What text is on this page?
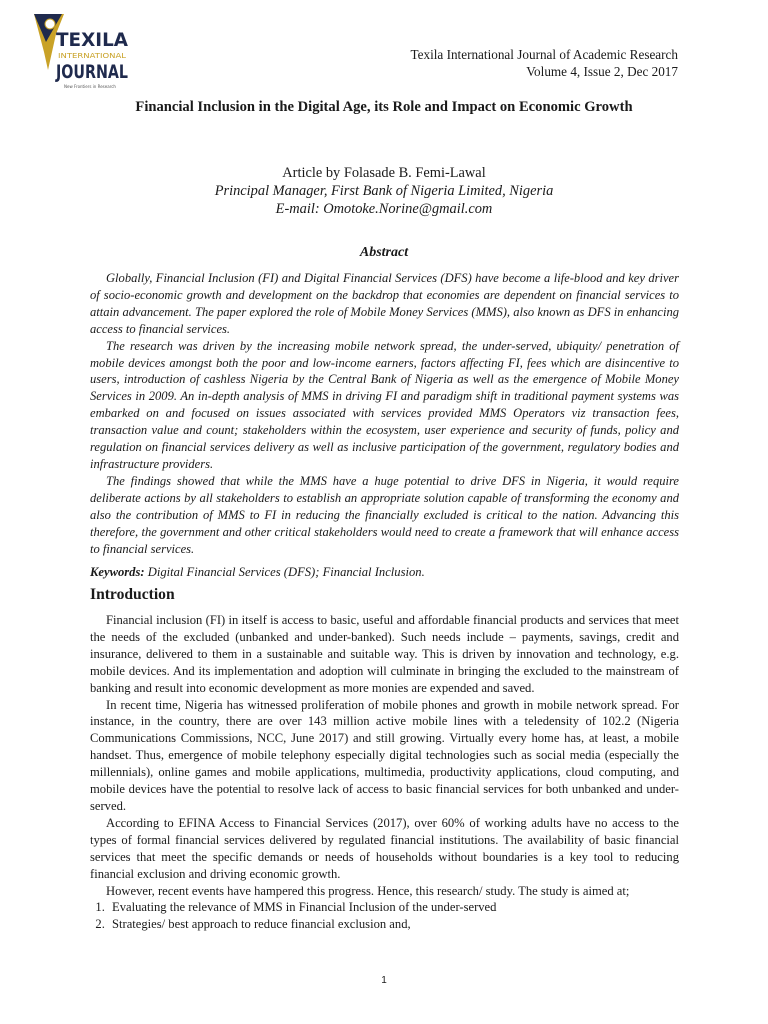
TEXILA
INTERNATIONAL
JOURNAL
New Frontiers in Research
Texila International Journal of Academic Research
Volume 4, Issue 2, Dec 2017
Financial Inclusion in the Digital Age, its Role and Impact on Economic Growth
Article by Folasade B. Femi-Lawal
Principal Manager, First Bank of Nigeria Limited, Nigeria
E-mail: Omotoke.Norine@gmail.com
Abstract

Globally, Financial Inclusion (FI) and Digital Financial Services (DFS) have become a life-blood and key driver of socio-economic growth and development on the backdrop that economies are dependent on financial services to attain advancement. The paper explored the role of Mobile Money Services (MMS), also known as DFS in enhancing access to financial services.

The research was driven by the increasing mobile network spread, the under-served, ubiquity/ penetration of mobile devices amongst both the poor and low-income earners, factors affecting FI, fees which are disincentive to users, introduction of cashless Nigeria by the Central Bank of Nigeria as well as the emergence of Mobile Money Services in 2009. An in-depth analysis of MMS in driving FI and paradigm shift in traditional payment systems was embarked on and focused on issues associated with services provided MMS Operators viz transaction fees, transaction value and count; stakeholders within the ecosystem, user experience and security of funds, policy and regulation on financial services delivery as well as inclusive participation of the government, regulatory bodies and infrastructure providers.

The findings showed that while the MMS have a huge potential to drive DFS in Nigeria, it would require deliberate actions by all stakeholders to establish an appropriate solution capable of transforming the economy and also the contribution of MMS to FI in reducing the financially excluded is critical to the nation. Advancing this therefore, the government and other critical stakeholders would need to create a framework that will enhance access to financial services.

Keywords: Digital Financial Services (DFS); Financial Inclusion.
Introduction

Financial inclusion (FI) in itself is access to basic, useful and affordable financial products and services that meet the needs of the excluded (unbanked and under-banked). Such needs include – payments, savings, credit and insurance, delivered to them in a sustainable and suitable way. This is driven by innovation and technology, e.g. mobile devices. And its implementation and adoption will culminate in bringing the excluded to the mainstream of banking and result into economic development as more monies are expended and saved.

In recent time, Nigeria has witnessed proliferation of mobile phones and growth in mobile network spread. For instance, in the country, there are over 143 million active mobile lines with a teledensity of 102.2 (Nigeria Communications Commissions, NCC, June 2017) and still growing. Virtually every home has, at least, a mobile handset. Thus, emergence of mobile telephony especially digital technologies such as social media (especially the millennials), online games and mobile applications, multimedia, productivity applications, cloud computing, and mobile devices have the potential to resolve lack of access to basic financial services for both unbanked and under-served.

According to EFINA Access to Financial Services (2017), over 60% of working adults have no access to the types of formal financial services delivered by regulated financial institutions. The availability of basic financial services that meet the specific demands or needs of households without boundaries is a key tool to reducing financial exclusion and driving economic growth.

However, recent events have hampered this progress. Hence, this research/ study. The study is aimed at;

1. Evaluating the relevance of MMS in Financial Inclusion of the under-served
2. Strategies/ best approach to reduce financial exclusion and,
1
